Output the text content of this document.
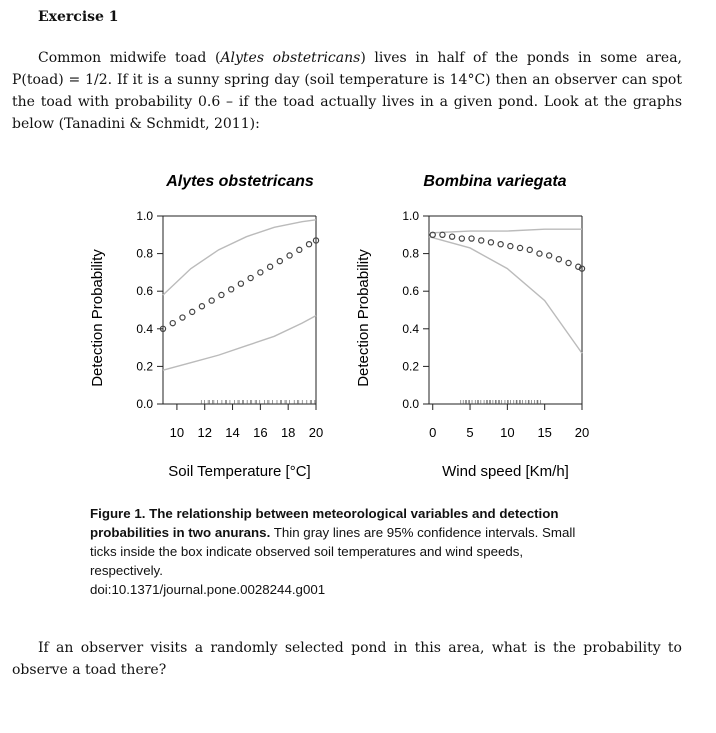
Exercise 1
Common midwife toad (Alytes obstetricans) lives in half of the ponds in some area, P(toad) = 1/2. If it is a sunny spring day (soil temperature is 14°C) then an observer can spot the toad with probability 0.6 – if the toad actually lives in a given pond. Look at the graphs below (Tanadini & Schmidt, 2011):
Alytes obstetricans
0.0
0.2
0.4
0.6
0.8
1.0
10 12 14 16 18 20
Soil Temperature [°C]
Detection Probability
Bombina variegata
0.0
0.2
0.4
0.6
0.8
1.0
0 5 10 15 20
Wind speed [Km/h]
Detection Probability
Figure 1. The relationship between meteorological variables and detection probabilities in two anurans. Thin gray lines are 95% confidence intervals. Small ticks inside the box indicate observed soil temperatures and wind speeds, respectively.
doi:10.1371/journal.pone.0028244.g001
If an observer visits a randomly selected pond in this area, what is the probability to observe a toad there?
